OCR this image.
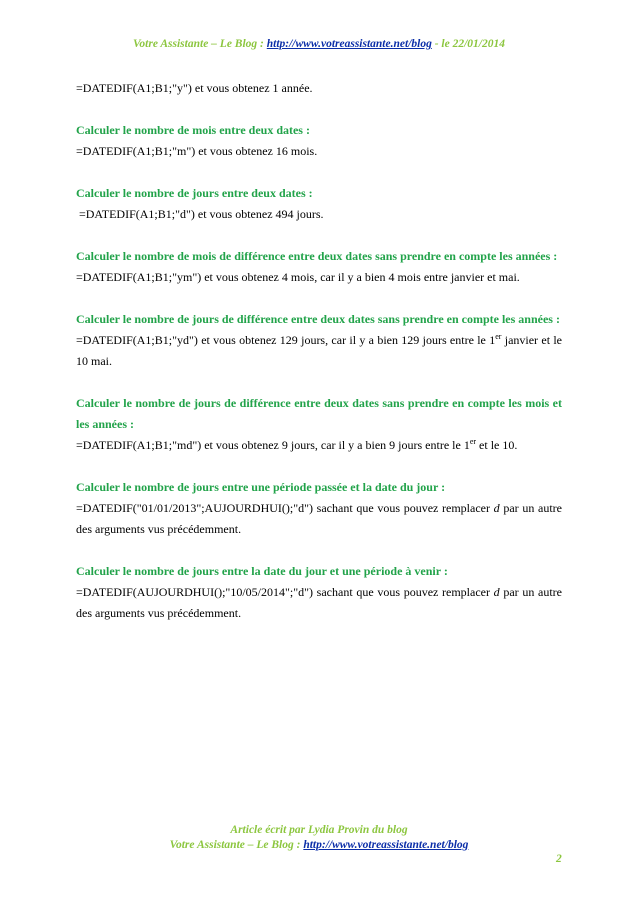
Votre Assistante – Le Blog : http://www.votreassistante.net/blog - le 22/01/2014

=DATEDIF(A1;B1;"y") et vous obtenez 1 année.

Calculer le nombre de mois entre deux dates :

=DATEDIF(A1;B1;"m") et vous obtenez 16 mois.

Calculer le nombre de jours entre deux dates :

=DATEDIF(A1;B1;"d") et vous obtenez 494 jours.

Calculer le nombre de mois de différence entre deux dates sans prendre en compte les années :

=DATEDIF(A1;B1;"ym") et vous obtenez 4 mois, car il y a bien 4 mois entre janvier et mai.

Calculer le nombre de jours de différence entre deux dates sans prendre en compte les années :

=DATEDIF(A1;B1;"yd") et vous obtenez 129 jours, car il y a bien 129 jours entre le 1er janvier et le 10 mai.

Calculer le nombre de jours de différence entre deux dates sans prendre en compte les mois et les années :

=DATEDIF(A1;B1;"md") et vous obtenez 9 jours, car il y a bien 9 jours entre le 1er et le 10.

Calculer le nombre de jours entre une période passée et la date du jour :

=DATEDIF("01/01/2013";AUJOURDHUI();"d") sachant que vous pouvez remplacer d par un autre des arguments vus précédemment.

Calculer le nombre de jours entre la date du jour et une période à venir :

=DATEDIF(AUJOURDHUI();"10/05/2014";"d") sachant que vous pouvez remplacer d par un autre des arguments vus précédemment.

Article écrit par Lydia Provin du blog
Votre Assistante – Le Blog : http://www.votreassistante.net/blog
2
